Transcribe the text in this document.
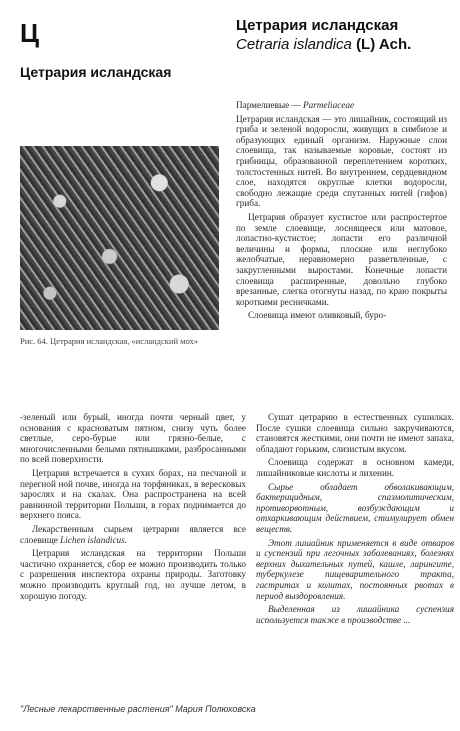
Ц
Цетрария исландская
Цетрария исландская
Cetraria islandica (L) Ach.
Рис. 64. Цетрария исландская, «исландский мох»

Пармелиевые — Parmeliaceae

Цетрария исландская — это лишайник, состоящий из гриба и зеленой водоросли, живущих в симбиозе и образующих единый организм. Наружные слои слоевища, так называемые коровые, состоят из грибницы, образованной переплетением коротких, толстостенных нитей. Во внутреннем, сердцевидном слое, находятся округлые клетки водоросли, свободно лежащие среди спутанных нитей (гифов) гриба.

Цетрария образует кустистое или распростертое по земле слоевище, лоснящееся или матовое, лопастно-кустистое; лопасти его различной величины и формы, плоские или неглубоко желобчатые, неравномерно разветвленные, с закругленными выростами. Конечные лопасти слоевища расширенные, довольно глубоко врезанные, слегка отогнуты назад, по краю покрыты короткими ресничками.

Слоевища имеют оливковый, буро-

-зеленый или бурый, иногда почти черный цвет, у основания с красноватым пятном, снизу чуть более светлые, серо-бурые или грязно-белые, с многочисленными белыми пятнышками, разбросанными по всей поверхности.

Цетрария встречается в сухих борах, на песчаной и перегной ной почве, иногда на торфяниках, в вересковых зарослях и на скалах. Она распространена на всей равнинной территории Польши, в горах поднимается до верхнего пояса.

Лекарственным сырьем цетрарии является все слоевище Lichen islandicus.

Цетрария исландская на территории Польши частично охраняется, сбор ее можно производить только с разрешения инспектора охраны природы. Заготовку можно производить круглый год, но лучше летом, в хорошую погоду.

Сушат цетрарию в естественных сушилках. После сушки слоевища сильно закручиваются, становятся жесткими, они почти не имеют запаха, обладают горьким, слизистым вкусом.

Слоевища содержат в основном камеди, лишайниковые кислоты и лихенин.

Сырье обладает обволакивающим, бактерицидным, спазмолитическим, противорвотным, возбуждающим и отхаркивающим действием, стимулирует обмен веществ.

Этот лишайник применяется в виде отваров и суспензий при легочных заболеваниях, болезнях верхних дыхательных путей, кашле, ларингите, туберкулезе пищеварительного тракта, гастритах и колитах, постоянных рвотах в период выздоровления.

Выделенная из лишайника суспензия используется также в производстве ...

"Лесные лекарственные растения" Мария Полюховска
